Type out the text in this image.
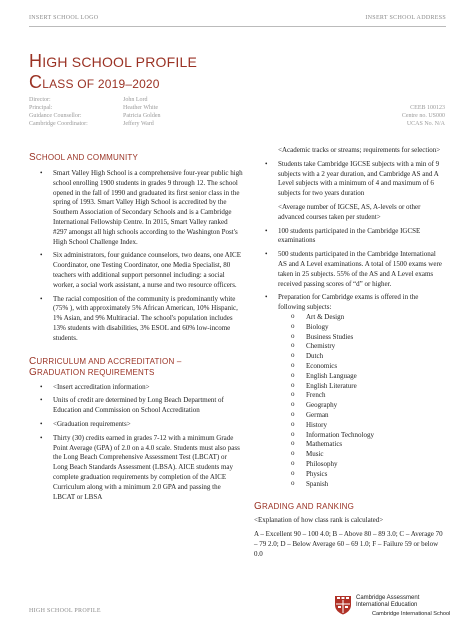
INSERT SCHOOL LOGO	INSERT SCHOOL ADDRESS
HIGH SCHOOL PROFILE
CLASS OF 2019–2020
Director:	John Lord
Principal:	Heather White	CEEB 100123
Guidance Counsellor:	Patricia Golden	Centre no. US000
Cambridge Coordinator:	Jeffery Ward	UCAS No. N/A
SCHOOL AND COMMUNITY
• Smart Valley High School is a comprehensive four-year public high school enrolling 1900 students in grades 9 through 12. The school opened in the fall of 1990 and graduated its first senior class in the spring of 1993. Smart Valley High School is accredited by the Southern Association of Secondary Schools and is a Cambridge International Fellowship Centre. In 2015, Smart Valley ranked #297 amongst all high schools according to the Washington Post's High School Challenge Index.
• Six administrators, four guidance counselors, two deans, one AICE Coordinator, one Testing Coordinator, one Media Specialist, 80 teachers with additional support personnel including: a social worker, a social work assistant, a nurse and two resource officers.
• The racial composition of the community is predominantly white (75% ), with approximately 5% African American, 10% Hispanic, 1% Asian, and 9% Multiracial. The school's population includes 13% students with disabilities, 3% ESOL and 60% low-income students.
CURRICULUM AND ACCREDITATION –
GRADUATION REQUIREMENTS
• <Insert accreditation information>
• Units of credit are determined by Long Beach Department of Education and Commission on School Accreditation
• <Graduation requirements>
• Thirty (30) credits earned in grades 7-12 with a minimum Grade Point Average (GPA) of 2.0 on a 4.0 scale. Students must also pass the Long Beach Comprehensive Assessment Test (LBCAT) or Long Beach Standards Assessment (LBSA). AICE students may complete graduation requirements by completion of the AICE Curriculum along with a minimum 2.0 GPA and passing the LBCAT or LBSA
<Academic tracks or streams; requirements for selection>
• Students take Cambridge IGCSE subjects with a min of 9 subjects with a 2 year duration, and Cambridge AS and A Level subjects with a minimum of 4 and maximum of 6 subjects for two years duration
<Average number of IGCSE, AS, A-levels or other advanced courses taken per student>
• 100 students participated in the Cambridge IGCSE examinations
• 500 students participated in the Cambridge International AS and A Level examinations. A total of 1500 exams were taken in 25 subjects. 55% of the AS and A Level exams received passing scores of “d” or higher.
• Preparation for Cambridge exams is offered in the following subjects:
o Art & Design
o Biology
o Business Studies
o Chemistry
o Dutch
o Economics
o English Language
o English Literature
o French
o Geography
o German
o History
o Information Technology
o Mathematics
o Music
o Philosophy
o Physics
o Spanish
GRADING AND RANKING
<Explanation of how class rank is calculated>
A – Excellent 90 – 100 4.0; B – Above 80 – 89 3.0; C – Average 70 – 79 2.0; D – Below Average 60 – 69 1.0; F – Failure 59 or below 0.0
HIGH SCHOOL PROFILE
Cambridge Assessment
International Education
Cambridge International School
